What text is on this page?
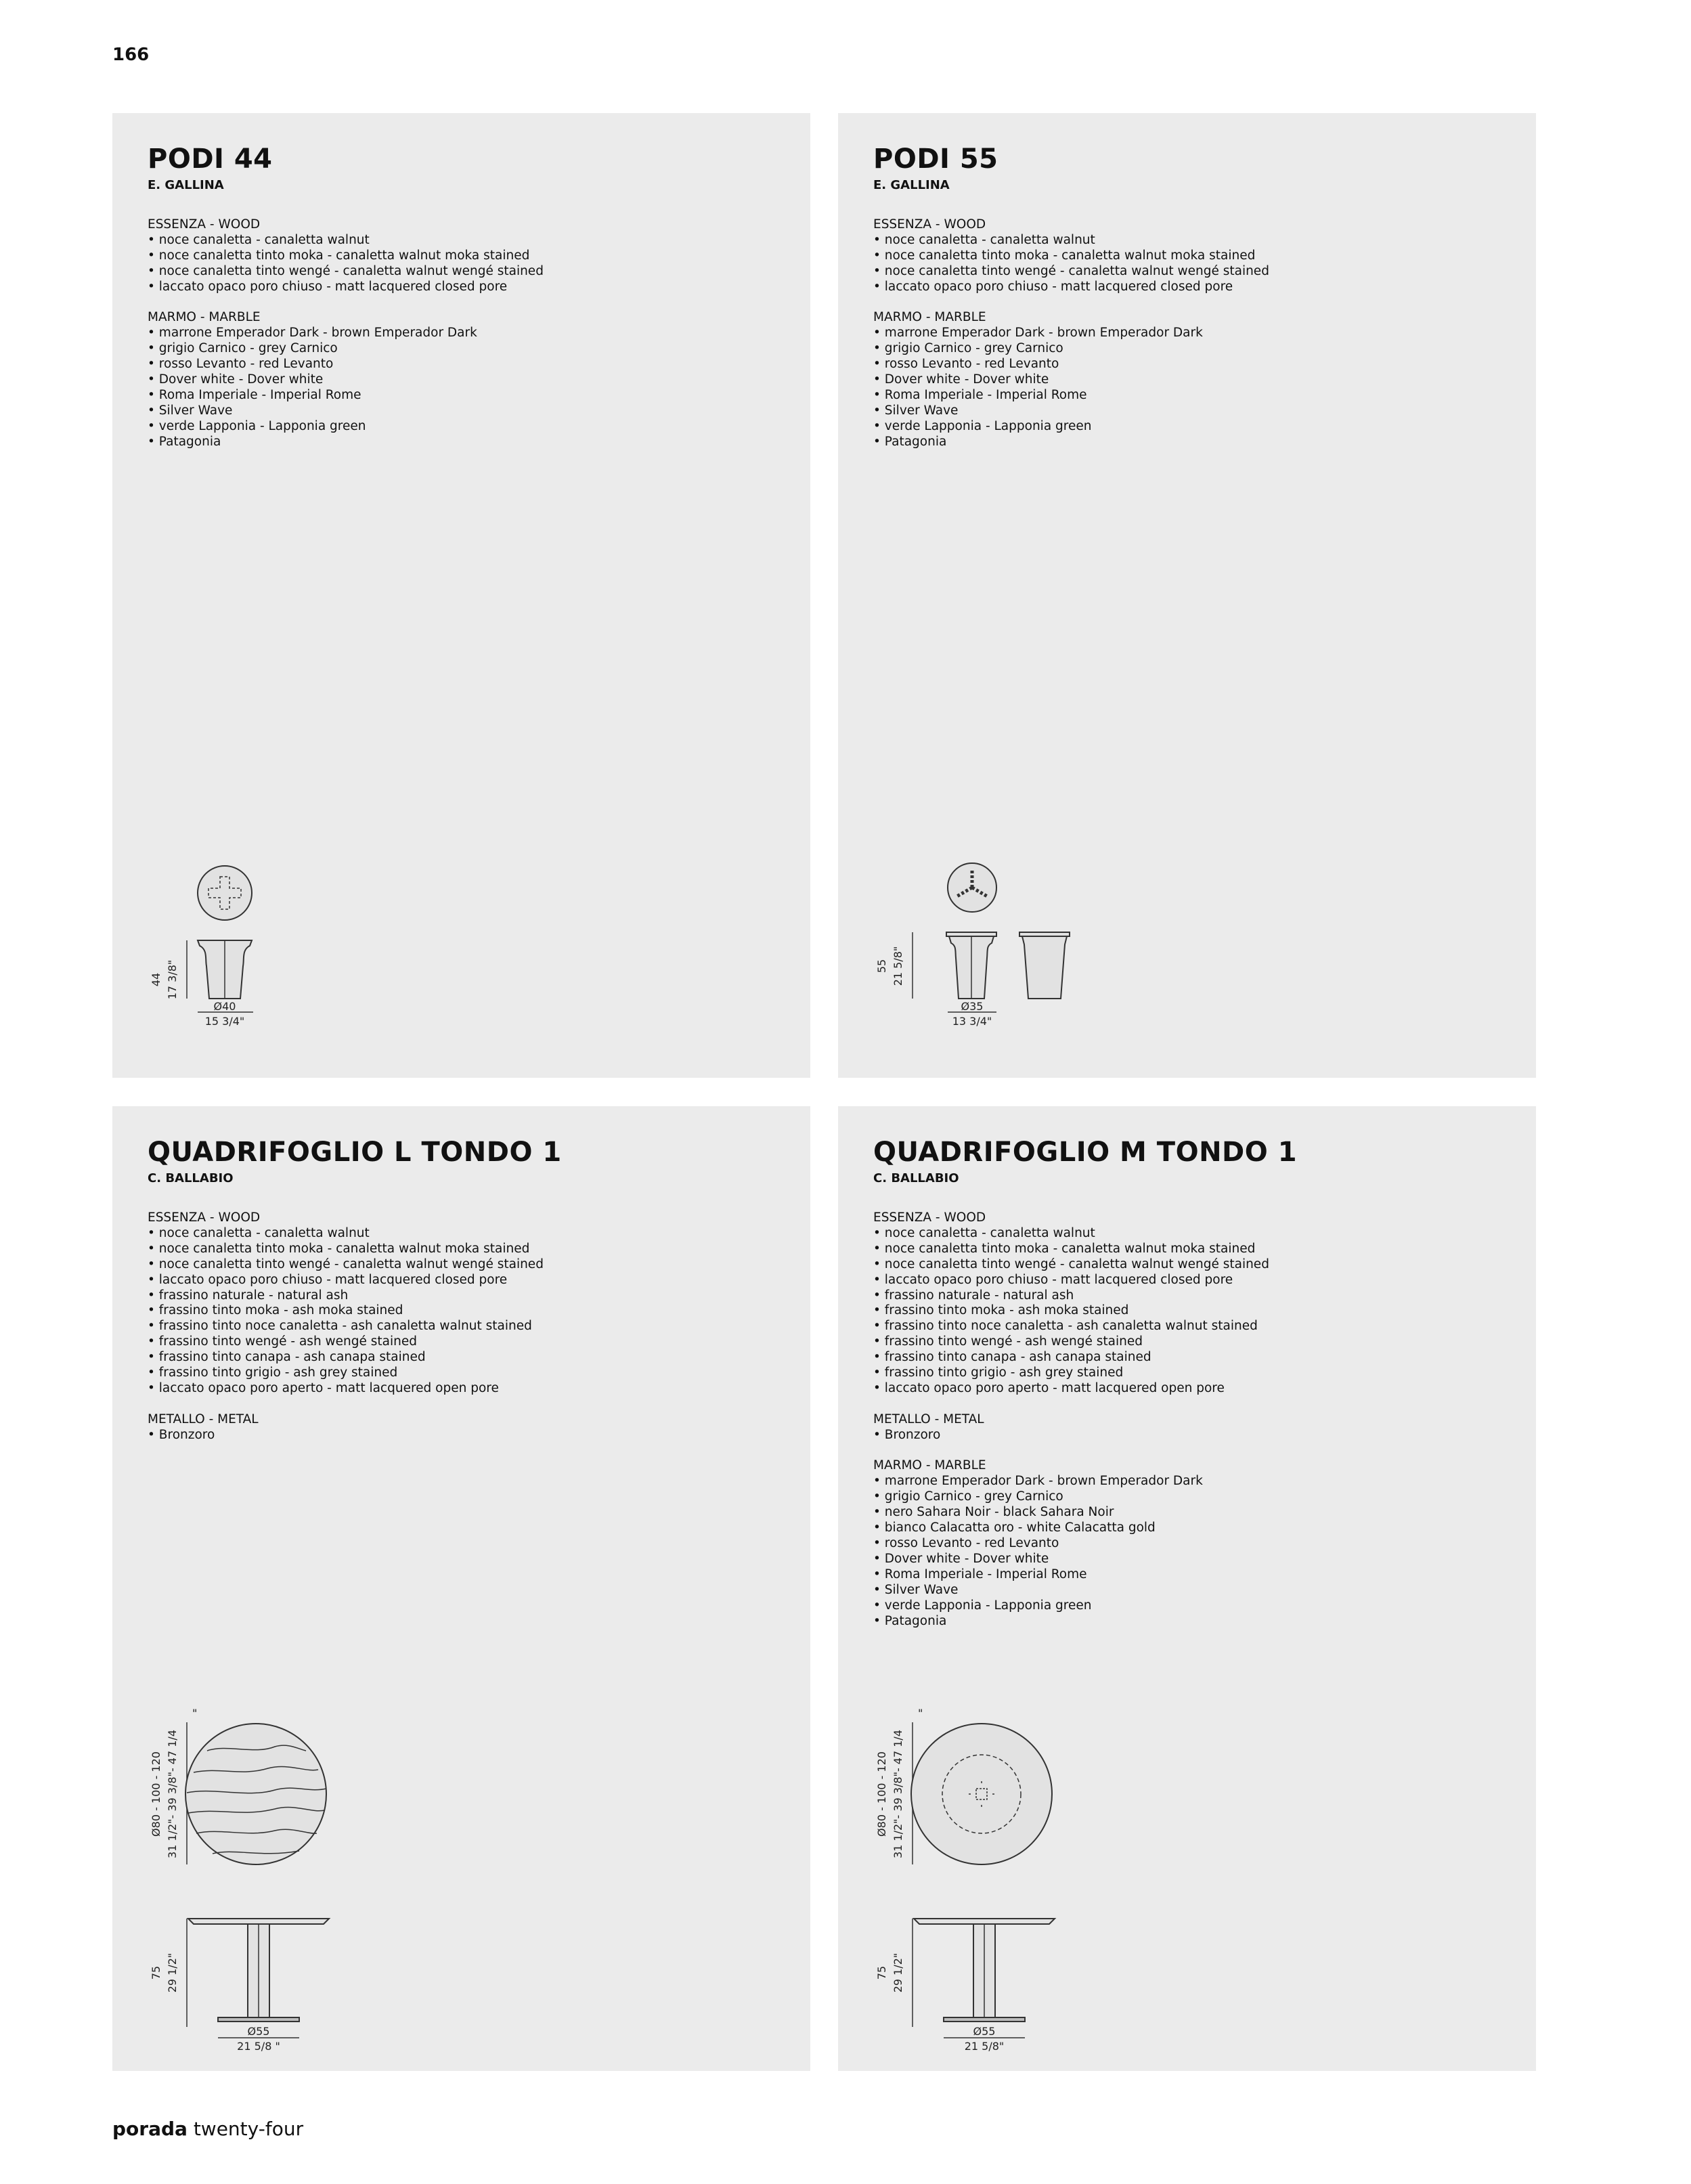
166
PODI 44
E. GALLINA
ESSENZA - WOOD
• noce canaletta - canaletta walnut
• noce canaletta tinto moka - canaletta walnut moka stained
• noce canaletta tinto wengé - canaletta walnut wengé stained
• laccato opaco poro chiuso - matt lacquered closed pore
MARMO - MARBLE
• marrone Emperador Dark - brown Emperador Dark
• grigio Carnico - grey Carnico
• rosso Levanto - red Levanto
• Dover white - Dover white
• Roma Imperiale - Imperial Rome
• Silver Wave
• verde Lapponia - Lapponia green
• Patagonia
44 17 3/8"
Ø40
15 3/4"
PODI 55
E. GALLINA
ESSENZA - WOOD
• noce canaletta - canaletta walnut
• noce canaletta tinto moka - canaletta walnut moka stained
• noce canaletta tinto wengé - canaletta walnut wengé stained
• laccato opaco poro chiuso - matt lacquered closed pore
MARMO - MARBLE
• marrone Emperador Dark - brown Emperador Dark
• grigio Carnico - grey Carnico
• rosso Levanto - red Levanto
• Dover white - Dover white
• Roma Imperiale - Imperial Rome
• Silver Wave
• verde Lapponia - Lapponia green
• Patagonia
55 21 5/8"
Ø35
13 3/4"
QUADRIFOGLIO L TONDO 1
C. BALLABIO
ESSENZA - WOOD
• noce canaletta - canaletta walnut
• noce canaletta tinto moka - canaletta walnut moka stained
• noce canaletta tinto wengé - canaletta walnut wengé stained
• laccato opaco poro chiuso - matt lacquered closed pore
• frassino naturale - natural ash
• frassino tinto moka - ash moka stained
• frassino tinto noce canaletta - ash canaletta walnut stained
• frassino tinto wengé - ash wengé stained
• frassino tinto canapa - ash canapa stained
• frassino tinto grigio - ash grey stained
• laccato opaco poro aperto - matt lacquered open pore
METALLO - METAL
• Bronzoro
Ø80 - 100 - 120 31 1/2"- 39 3/8"- 47 1/4
"
75 29 1/2"
Ø55
21 5/8 "
QUADRIFOGLIO M TONDO 1
C. BALLABIO
ESSENZA - WOOD
• noce canaletta - canaletta walnut
• noce canaletta tinto moka - canaletta walnut moka stained
• noce canaletta tinto wengé - canaletta walnut wengé stained
• laccato opaco poro chiuso - matt lacquered closed pore
• frassino naturale - natural ash
• frassino tinto moka - ash moka stained
• frassino tinto noce canaletta - ash canaletta walnut stained
• frassino tinto wengé - ash wengé stained
• frassino tinto canapa - ash canapa stained
• frassino tinto grigio - ash grey stained
• laccato opaco poro aperto - matt lacquered open pore
METALLO - METAL
• Bronzoro
MARMO - MARBLE
• marrone Emperador Dark - brown Emperador Dark
• grigio Carnico - grey Carnico
• nero Sahara Noir - black Sahara Noir
• bianco Calacatta oro - white Calacatta gold
• rosso Levanto - red Levanto
• Dover white - Dover white
• Roma Imperiale - Imperial Rome
• Silver Wave
• verde Lapponia - Lapponia green
• Patagonia
Ø80 - 100 - 120 31 1/2"- 39 3/8"- 47 1/4
"
75 29 1/2"
Ø55
21 5/8"
porada twenty-four
